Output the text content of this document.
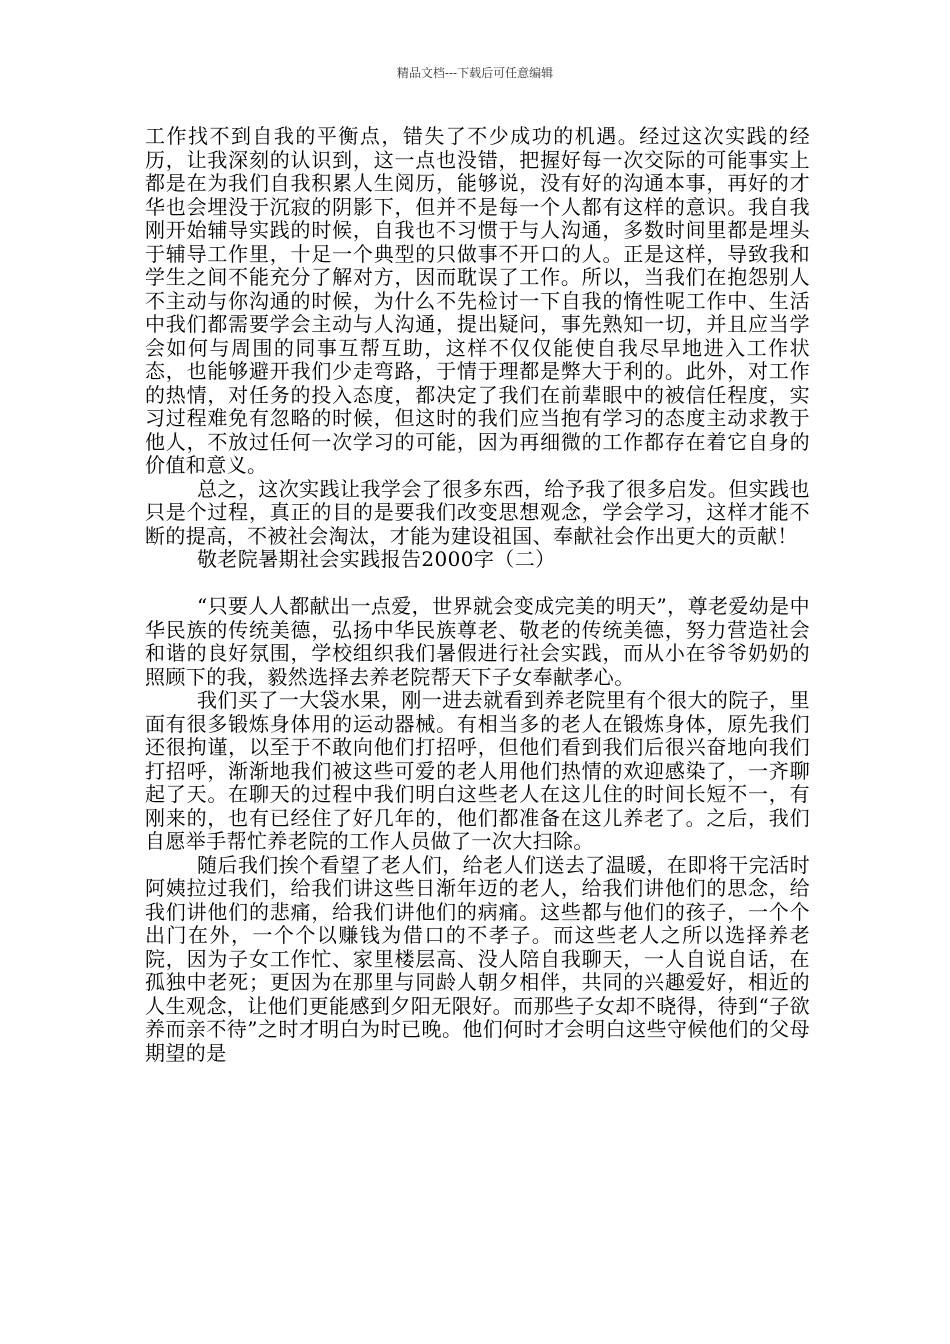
精品文档---下载后可任意编辑

工作找不到自我的平衡点，错失了不少成功的机遇。经过这次实践的经历，让我深刻的认识到，这一点也没错，把握好每一次交际的可能事实上都是在为我们自我积累人生阅历，能够说，没有好的沟通本事，再好的才华也会埋没于沉寂的阴影下，但并不是每一个人都有这样的意识。我自我刚开始辅导实践的时候，自我也不习惯于与人沟通，多数时间里都是埋头于辅导工作里，十足一个典型的只做事不开口的人。正是这样，导致我和学生之间不能充分了解对方，因而耽误了工作。所以，当我们在抱怨别人不主动与你沟通的时候，为什么不先检讨一下自我的惰性呢工作中、生活中我们都需要学会主动与人沟通，提出疑问，事先熟知一切，并且应当学会如何与周围的同事互帮互助，这样不仅仅能使自我尽早地进入工作状态，也能够避开我们少走弯路，于情于理都是弊大于利的。此外，对工作的热情，对任务的投入态度，都决定了我们在前辈眼中的被信任程度，实习过程难免有忽略的时候，但这时的我们应当抱有学习的态度主动求教于他人，不放过任何一次学习的可能，因为再细微的工作都存在着它自身的价值和意义。

总之，这次实践让我学会了很多东西，给予我了很多启发。但实践也只是个过程，真正的目的是要我们改变思想观念，学会学习，这样才能不断的提高，不被社会淘汰，才能为建设祖国、奉献社会作出更大的贡献！

敬老院暑期社会实践报告2000字（二）

“只要人人都献出一点爱，世界就会变成完美的明天”，尊老爱幼是中华民族的传统美德，弘扬中华民族尊老、敬老的传统美德，努力营造社会和谐的良好氛围，学校组织我们暑假进行社会实践，而从小在爷爷奶奶的照顾下的我，毅然选择去养老院帮天下子女奉献孝心。

我们买了一大袋水果，刚一进去就看到养老院里有个很大的院子，里面有很多锻炼身体用的运动器械。有相当多的老人在锻炼身体，原先我们还很拘谨，以至于不敢向他们打招呼，但他们看到我们后很兴奋地向我们打招呼，渐渐地我们被这些可爱的老人用他们热情的欢迎感染了，一齐聊起了天。在聊天的过程中我们明白这些老人在这儿住的时间长短不一，有刚来的，也有已经住了好几年的，他们都准备在这儿养老了。之后，我们自愿举手帮忙养老院的工作人员做了一次大扫除。

随后我们挨个看望了老人们，给老人们送去了温暖，在即将干完活时阿姨拉过我们，给我们讲这些日渐年迈的老人，给我们讲他们的思念，给我们讲他们的悲痛，给我们讲他们的病痛。这些都与他们的孩子，一个个出门在外，一个个以赚钱为借口的不孝子。而这些老人之所以选择养老院，因为子女工作忙、家里楼层高、没人陪自我聊天，一人自说自话，在孤独中老死；更因为在那里与同龄人朝夕相伴，共同的兴趣爱好，相近的人生观念，让他们更能感到夕阳无限好。而那些子女却不晓得，待到“子欲养而亲不待”之时才明白为时已晚。他们何时才会明白这些守候他们的父母期望的是
